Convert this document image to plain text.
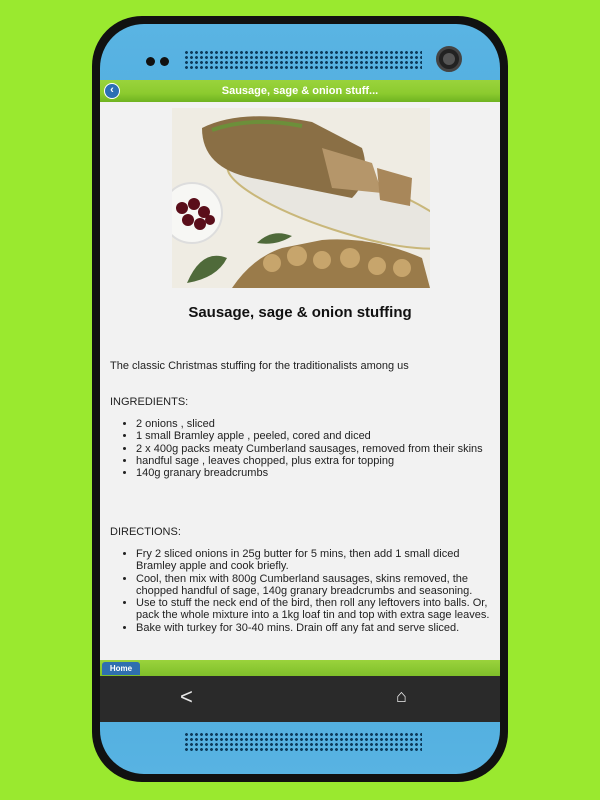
‹	Sausage, sage & onion stuff...
Sausage, sage & onion stuffing
The classic Christmas stuffing for the traditionalists among us
INGREDIENTS:
• 2 onions , sliced
• 1 small Bramley apple , peeled, cored and diced
• 2 x 400g packs meaty Cumberland sausages, removed from their skins
• handful sage , leaves chopped, plus extra for topping
• 140g granary breadcrumbs
DIRECTIONS:
• Fry 2 sliced onions in 25g butter for 5 mins, then add 1 small diced Bramley apple and cook briefly.
• Cool, then mix with 800g Cumberland sausages, skins removed, the chopped handful of sage, 140g granary breadcrumbs and seasoning.
• Use to stuff the neck end of the bird, then roll any leftovers into balls. Or, pack the whole mixture into a 1kg loaf tin and top with extra sage leaves.
• Bake with turkey for 30-40 mins. Drain off any fat and serve sliced.
Home
<	⌂
